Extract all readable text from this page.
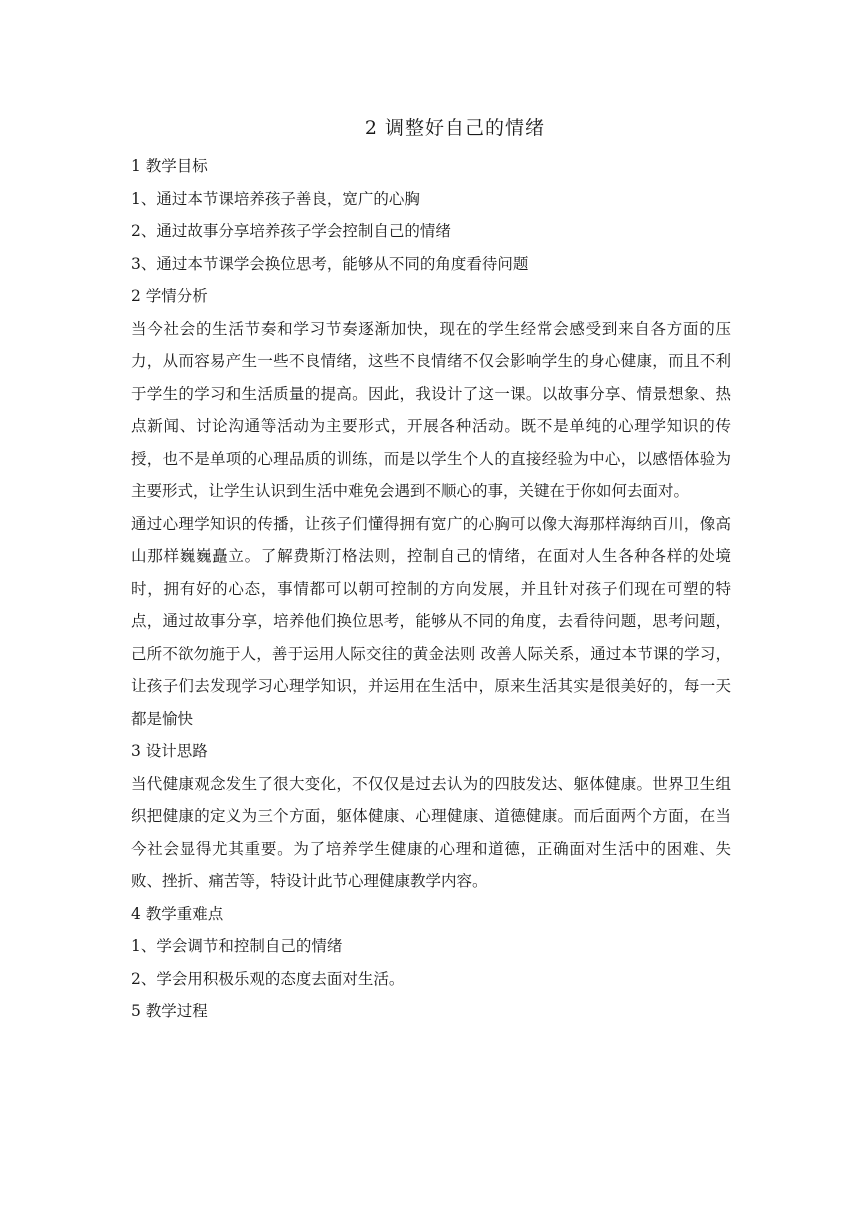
2 调整好自己的情绪
1 教学目标
1、通过本节课培养孩子善良，宽广的心胸
2、通过故事分享培养孩子学会控制自己的情绪
3、通过本节课学会换位思考，能够从不同的角度看待问题
2 学情分析

当今社会的生活节奏和学习节奏逐渐加快，现在的学生经常会感受到来自各方面的压力，从而容易产生一些不良情绪，这些不良情绪不仅会影响学生的身心健康，而且不利于学生的学习和生活质量的提高。因此，我设计了这一课。以故事分享、情景想象、热点新闻、讨论沟通等活动为主要形式，开展各种活动。既不是单纯的心理学知识的传授，也不是单项的心理品质的训练，而是以学生个人的直接经验为中心，以感悟体验为主要形式，让学生认识到生活中难免会遇到不顺心的事，关键在于你如何去面对。

通过心理学知识的传播，让孩子们懂得拥有宽广的心胸可以像大海那样海纳百川，像高山那样巍巍矗立。了解费斯汀格法则，控制自己的情绪，在面对人生各种各样的处境时，拥有好的心态，事情都可以朝可控制的方向发展，并且针对孩子们现在可塑的特点，通过故事分享，培养他们换位思考，能够从不同的角度，去看待问题，思考问题，己所不欲勿施于人，善于运用人际交往的黄金法则 改善人际关系，通过本节课的学习，让孩子们去发现学习心理学知识，并运用在生活中，原来生活其实是很美好的，每一天都是愉快

3 设计思路

当代健康观念发生了很大变化，不仅仅是过去认为的四肢发达、躯体健康。世界卫生组织把健康的定义为三个方面，躯体健康、心理健康、道德健康。而后面两个方面，在当今社会显得尤其重要。为了培养学生健康的心理和道德，正确面对生活中的困难、失败、挫折、痛苦等，特设计此节心理健康教学内容。

4 教学重难点
1、学会调节和控制自己的情绪
2、学会用积极乐观的态度去面对生活。
5 教学过程
